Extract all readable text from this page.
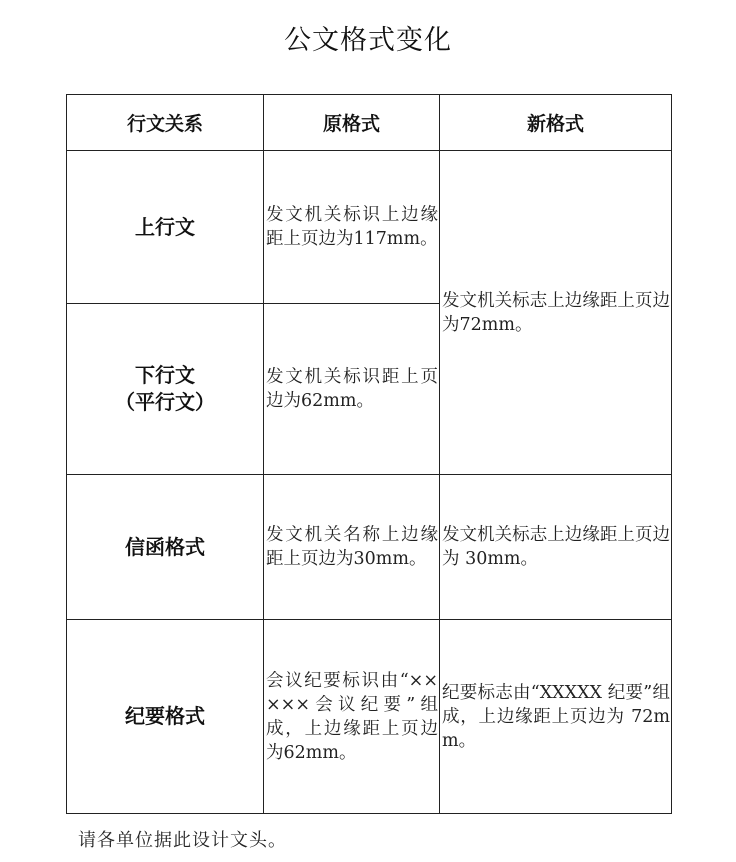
公文格式变化
行文关系	原格式	新格式
上行文	发文机关标识上边缘距上页边为117mm。	发文机关标志上边缘距上页边为72mm。

下行文
（平行文）	发文机关标识距上页边为62mm。	
信函格式	发文机关名称上边缘距上页边为30mm。	发文机关标志上边缘距上页边为 30mm。
纪要格式	会议纪要标识由“×××××会议纪要”组成，上边缘距上页边为62mm。	纪要标志由“XXXXX 纪要”组成，上边缘距上页边为 72mm。
请各单位据此设计文头。
